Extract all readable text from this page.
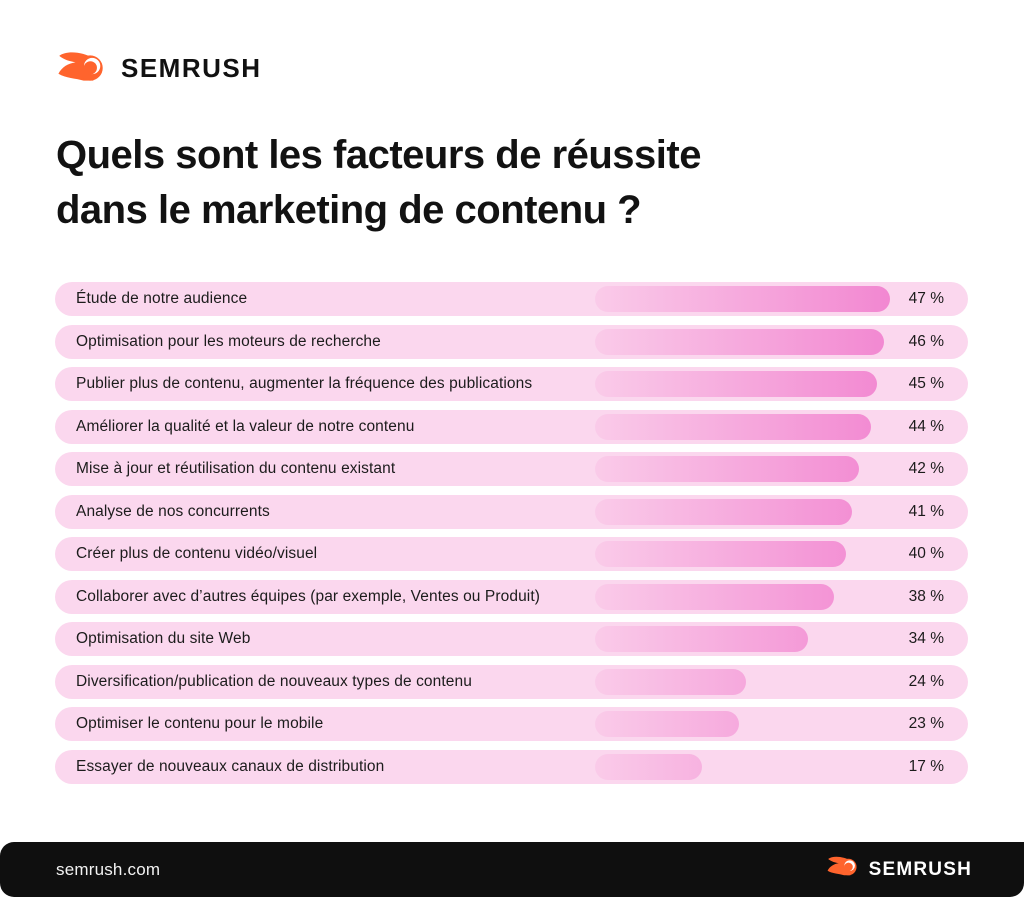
SEMRUSH
Quels sont les facteurs de réussite
dans le marketing de contenu ?
Étude de notre audience	47 %
Optimisation pour les moteurs de recherche	46 %
Publier plus de contenu, augmenter la fréquence des publications	45 %
Améliorer la qualité et la valeur de notre contenu	44 %
Mise à jour et réutilisation du contenu existant	42 %
Analyse de nos concurrents	41 %
Créer plus de contenu vidéo/visuel	40 %
Collaborer avec d’autres équipes (par exemple, Ventes ou Produit)	38 %
Optimisation du site Web	34 %
Diversification/publication de nouveaux types de contenu	24 %
Optimiser le contenu pour le mobile	23 %
Essayer de nouveaux canaux de distribution	17 %
semrush.com	SEMRUSH
